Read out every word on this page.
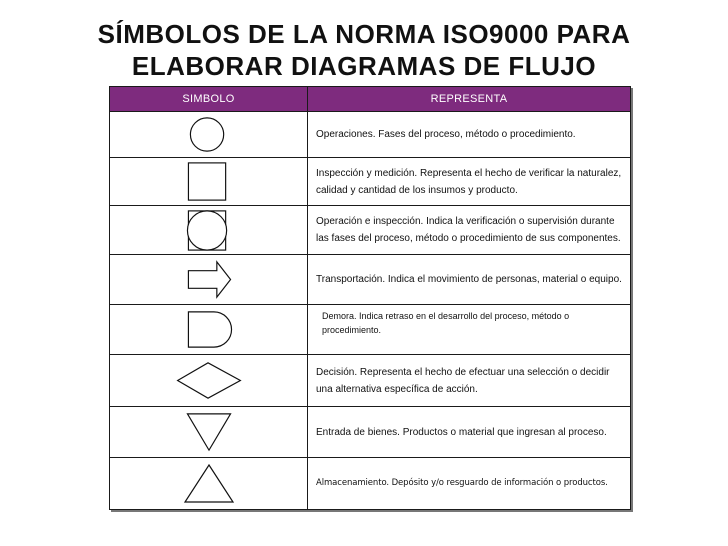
SÍMBOLOS DE LA NORMA ISO9000 PARA
ELABORAR DIAGRAMAS DE FLUJO
SIMBOLO	REPRESENTA

Operaciones. Fases del proceso, método o procedimiento.

Inspección y medición. Representa el hecho de verificar la naturalez, calidad y cantidad de los insumos y producto.

Operación e inspección. Indica la verificación o supervisión durante las fases del proceso, método o procedimiento de sus componentes.

Transportación. Indica el movimiento de personas, material o equipo.

Demora. Indica retraso en el desarrollo del proceso, método o procedimiento.

Decisión. Representa el hecho de efectuar una selección o decidir una alternativa específica de acción.

Entrada de bienes. Productos o material que ingresan al proceso.

Almacenamiento. Depósito y/o resguardo de información o productos.
